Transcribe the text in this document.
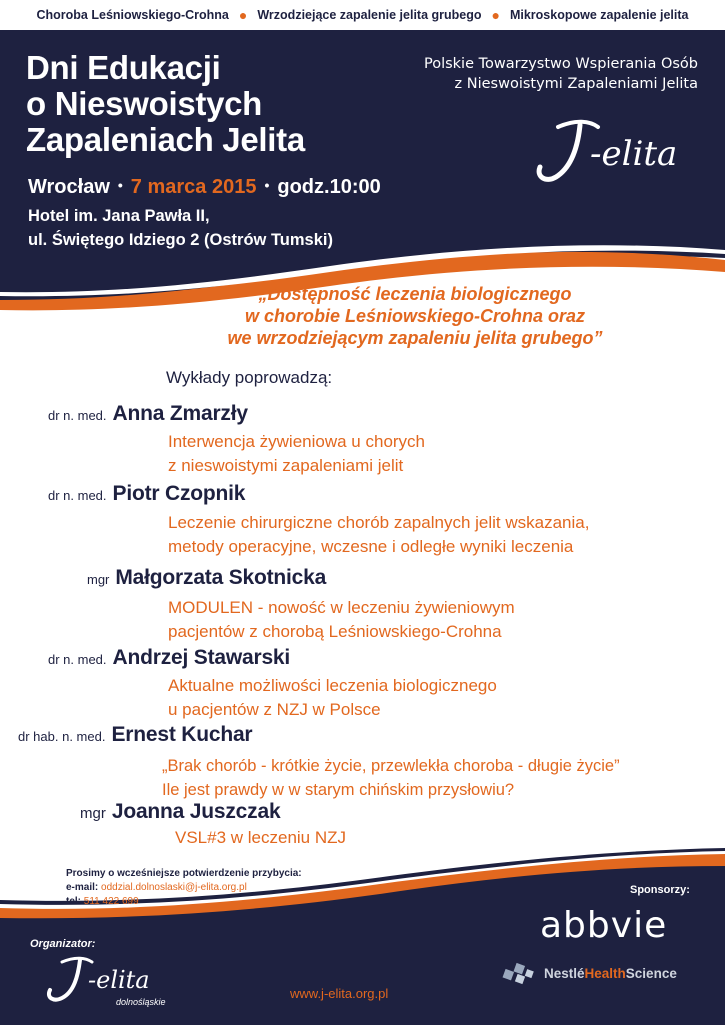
Choroba Leśniowskiego-Crohna ● Wrzodziejące zapalenie jelita grubego ● Mikroskopowe zapalenie jelita
Dni Edukacji
o Nieswoistych
Zapaleniach Jelita
Polskie Towarzystwo Wspierania Osób
z Nieswoistymi Zapaleniami Jelita
-elita
Wrocław • 7 marca 2015 • godz.10:00
Hotel im. Jana Pawła II,
ul. Świętego Idziego 2 (Ostrów Tumski)
„Dostępność leczenia biologicznego
w chorobie Leśniowskiego-Crohna oraz
we wrzodziejącym zapaleniu jelita grubego”
Wykłady poprowadzą:
dr n. med. Anna Zmarzły
Interwencja żywieniowa u chorych
z nieswoistymi zapaleniami jelit
dr n. med. Piotr Czopnik
Leczenie chirurgiczne chorób zapalnych jelit wskazania,
metody operacyjne, wczesne i odległe wyniki leczenia
mgr Małgorzata Skotnicka
MODULEN - nowość w leczeniu żywieniowym
pacjentów z chorobą Leśniowskiego-Crohna
dr n. med. Andrzej Stawarski
Aktualne możliwości leczenia biologicznego
u pacjentów z NZJ w Polsce
dr hab. n. med. Ernest Kuchar
„Brak chorób - krótkie życie, przewlekła choroba - długie życie”
Ile jest prawdy w w starym chińskim przysłowiu?
mgr Joanna Juszczak
VSL#3 w leczeniu NZJ
Prosimy o wcześniejsze potwierdzenie przybycia:
e-mail: oddzial.dolnoslaski@j-elita.org.pl
tel: 511 422 699
Sponsorzy:
abbvie
NestléHealthScience
Organizator:
-elita
dolnośląskie
www.j-elita.org.pl
